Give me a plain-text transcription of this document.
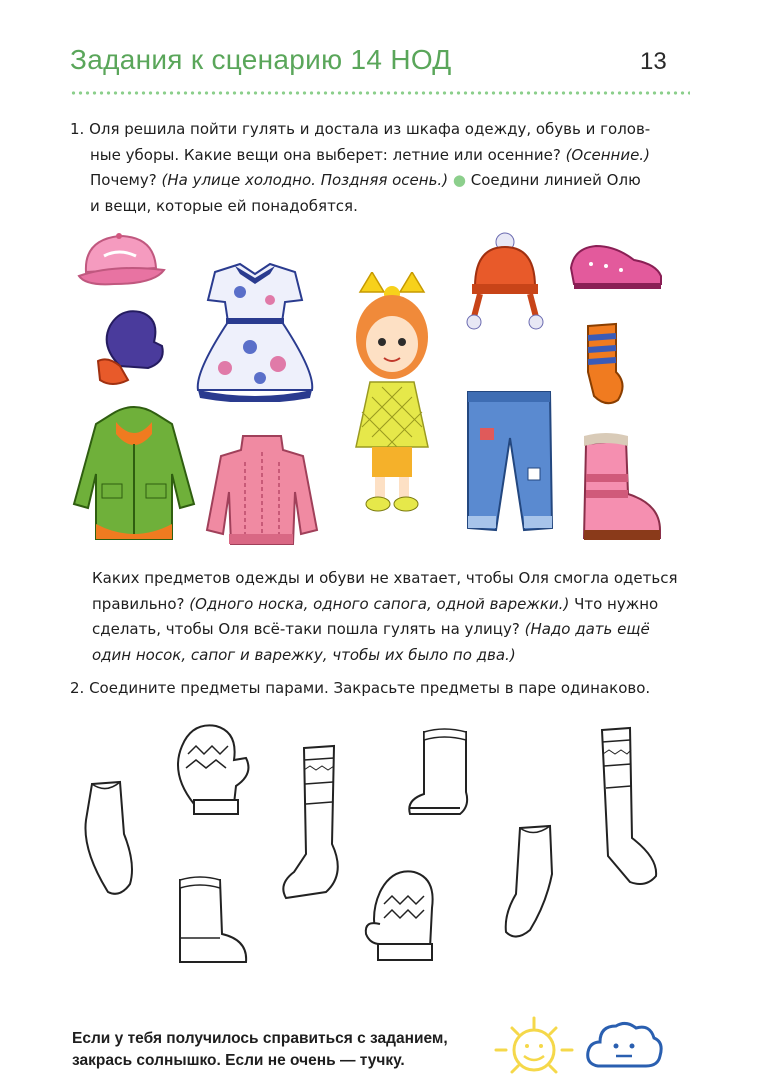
Задания к сценарию 14 НОД	13
1. Оля решила пойти гулять и достала из шкафа одежду, обувь и голов-
ные уборы. Какие вещи она выберет: летние или осенние? (Осенние.)
Почему? (На улице холодно. Поздняя осень.) ● Соедини линией Олю
и вещи, которые ей понадобятся.
Каких предметов одежды и обуви не хватает, чтобы Оля смогла одеться
правильно? (Одного носка, одного сапога, одной варежки.) Что нужно
сделать, чтобы Оля всё-таки пошла гулять на улицу? (Надо дать ещё
один носок, сапог и варежку, чтобы их было по два.)
2. Соедините предметы парами. Закрасьте предметы в паре одинаково.
Если у тебя получилось справиться с заданием,
закрась солнышко. Если не очень — тучку.
